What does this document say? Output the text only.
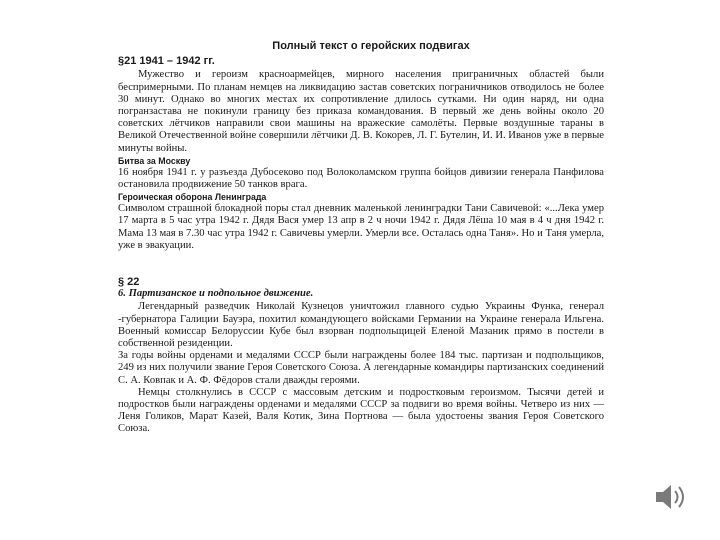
Полный текст о геройских подвигах
§21 1941 – 1942 гг.

Мужество и героизм красноармейцев, мирного населения приграничных областей были беспримерными. По планам немцев на ликвидацию застав советских пограничников отводилось не более 30 минут. Однако во многих местах их сопротивление длилось сутками. Ни один наряд, ни одна погранзастава не покинули границу без приказа командования. В первый же день войны около 20 советских лётчиков направили свои машины на вражеские самолёты. Первые воздушные тараны в Великой Отечественной войне совершили лётчики Д. В. Кокорев, Л. Г. Бутелин, И. И. Иванов уже в первые минуты войны.

Битва за Москву

16 ноября 1941 г. у разъезда Дубосеково под Волоколамском группа бойцов дивизии генерала Панфилова остановила продвижение 50 танков врага.

Героическая оборона Ленинграда

Символом страшной блокадной поры стал дневник маленькой ленинградки Тани Савичевой: «...Лека умер 17 марта в 5 час утра 1942 г. Дядя Вася умер 13 апр в 2 ч ночи 1942 г. Дядя Лёша 10 мая в 4 ч дня 1942 г. Мама 13 мая в 7.30 час утра 1942 г. Савичевы умерли. Умерли все. Осталась одна Таня». Но и Таня умерла, уже в эвакуации.

§ 22
6. Партизанское и подпольное движение.

Легендарный разведчик Николай Кузнецов уничтожил главного судью Украины Функа, генерал -губернатора Галиции Бауэра, похитил командующего войсками Германии на Украине генерала Ильгена. Военный комиссар Белоруссии Кубе был взорван подпольщицей Еленой Мазаник прямо в постели в собственной резиденции.

За годы войны орденами и медалями СССР были награждены более 184 тыс. партизан и подпольщиков, 249 из них получили звание Героя Советского Союза. А легендарные командиры партизанских соединений С. А. Ковпак и А. Ф. Фёдоров стали дважды героями.

Немцы столкнулись в СССР с массовым детским и подростковым героизмом. Тысячи детей и подростков были награждены орденами и медалями СССР за подвиги во время войны. Четверо из них — Леня Голиков, Марат Казей, Валя Котик, Зина Портнова — была удостоены звания Героя Советского Союза.
